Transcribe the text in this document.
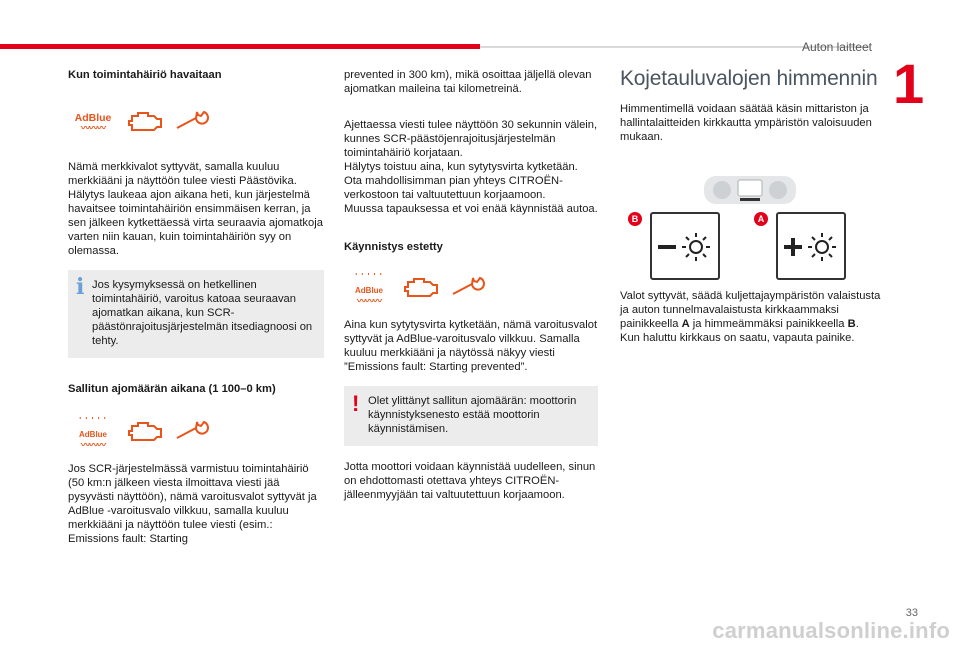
Auton laitteet
1

Kun toimintahäiriö havaitaan

AdBlue
〰〰〰

Nämä merkkivalot syttyvät, samalla kuuluu merkkiääni ja näyttöön tulee viesti Päästövika. Hälytys laukeaa ajon aikana heti, kun järjestelmä havaitsee toimintahäiriön ensimmäisen kerran, ja sen jälkeen kytkettäessä virta seuraavia ajomatkoja varten niin kauan, kuin toimintahäiriön syy on olemassa.

i Jos kysymyksessä on hetkellinen toimintahäiriö, varoitus katoaa seuraavan ajomatkan aikana, kun SCR-päästönrajoitusjärjestelmän itsediagnoosi on tehty.

Sallitun ajomäärän aikana (1 100–0 km)

' ' ' ' '
AdBlue
〰〰〰

Jos SCR-järjestelmässä varmistuu toimintahäiriö (50 km:n jälkeen viesta ilmoittava viesti jää pysyvästi näyttöön), nämä varoitusvalot syttyvät ja AdBlue -varoitusvalo vilkkuu, samalla kuuluu merkkiääni ja näyttöön tulee viesti (esim.: Emissions fault: Starting

prevented in 300 km), mikä osoittaa jäljellä olevan ajomatkan maileina tai kilometreinä.

Ajettaessa viesti tulee näyttöön 30 sekunnin välein, kunnes SCR-päästöjenrajoitusjärjestelmän toimintahäiriö korjataan.
Hälytys toistuu aina, kun sytytysvirta kytketään.
Ota mahdollisimman pian yhteys CITROËN-verkostoon tai valtuutettuun korjaamoon.
Muussa tapauksessa et voi enää käynnistää autoa.

Käynnistys estetty

' ' ' ' '
AdBlue
〰〰〰

Aina kun sytytysvirta kytketään, nämä varoitusvalot syttyvät ja AdBlue-varoitusvalo vilkkuu. Samalla kuuluu merkkiääni ja näytössä näkyy viesti ”Emissions fault: Starting prevented”.

! Olet ylittänyt sallitun ajomäärän: moottorin käynnistyksenesto estää moottorin käynnistämisen.

Jotta moottori voidaan käynnistää uudelleen, sinun on ehdottomasti otettava yhteys CITROËN-jälleenmyyjään tai valtuutettuun korjaamoon.

Kojetauluvalojen himmennin

Himmentimellä voidaan säätää käsin mittariston ja hallintalaitteiden kirkkautta ympäristön valoisuuden mukaan.

B	A

Valot syttyvät, säädä kuljettajaympäristön valaistusta ja auton tunnelmavalaistusta kirkkaammaksi painikkeella A ja himmeämmäksi painikkeella B.

Kun haluttu kirkkaus on saatu, vapauta painike.

33
carmanualsonline.info
